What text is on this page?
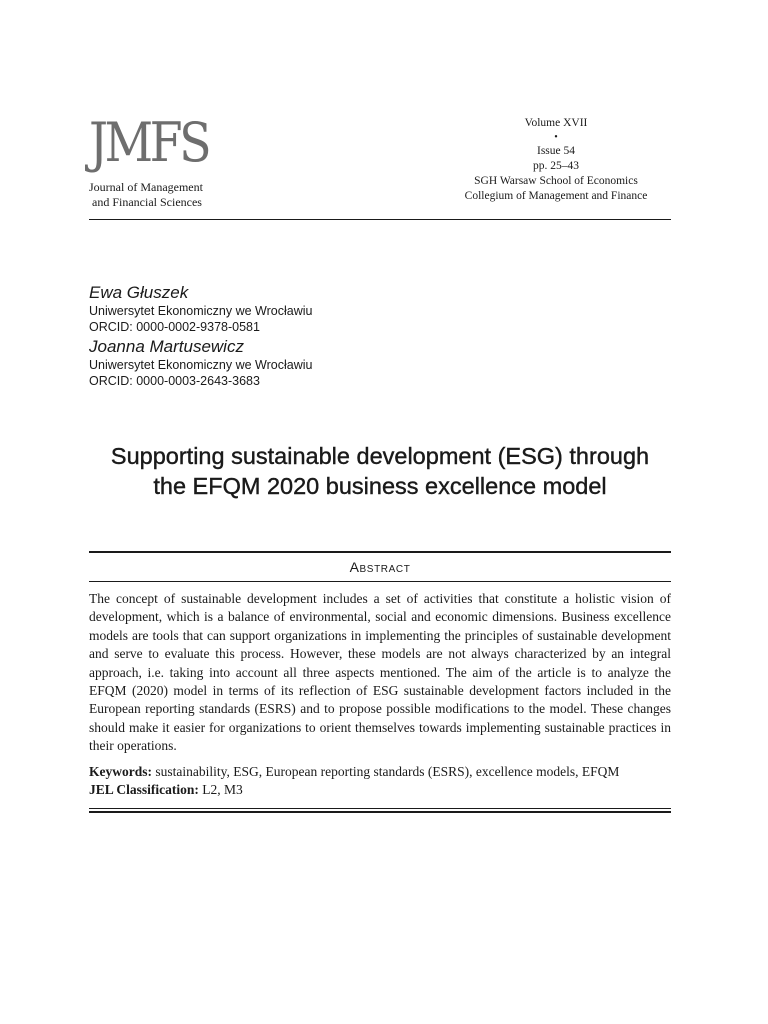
JMFS
Journal of Management
and Financial Sciences
Volume XVII
•
Issue 54
pp. 25–43
SGH Warsaw School of Economics
Collegium of Management and Finance
Ewa Głuszek
Uniwersytet Ekonomiczny we Wrocławiu
ORCID: 0000-0002-9378-0581
Joanna Martusewicz
Uniwersytet Ekonomiczny we Wrocławiu
ORCID: 0000-0003-2643-3683
Supporting sustainable development (ESG) through the EFQM 2020 business excellence model
Abstract
The concept of sustainable development includes a set of activities that constitute a holistic vision of development, which is a balance of environmental, social and economic dimensions. Business excellence models are tools that can support organizations in implementing the principles of sustainable development and serve to evaluate this process. However, these models are not always characterized by an integral approach, i.e. taking into account all three aspects mentioned. The aim of the article is to analyze the EFQM (2020) model in terms of its reflection of ESG sustainable development factors included in the European reporting standards (ESRS) and to propose possible modifications to the model. These changes should make it easier for organizations to orient themselves towards implementing sustainable practices in their operations.
Keywords: sustainability, ESG, European reporting standards (ESRS), excellence models, EFQM
JEL Classification: L2, M3
